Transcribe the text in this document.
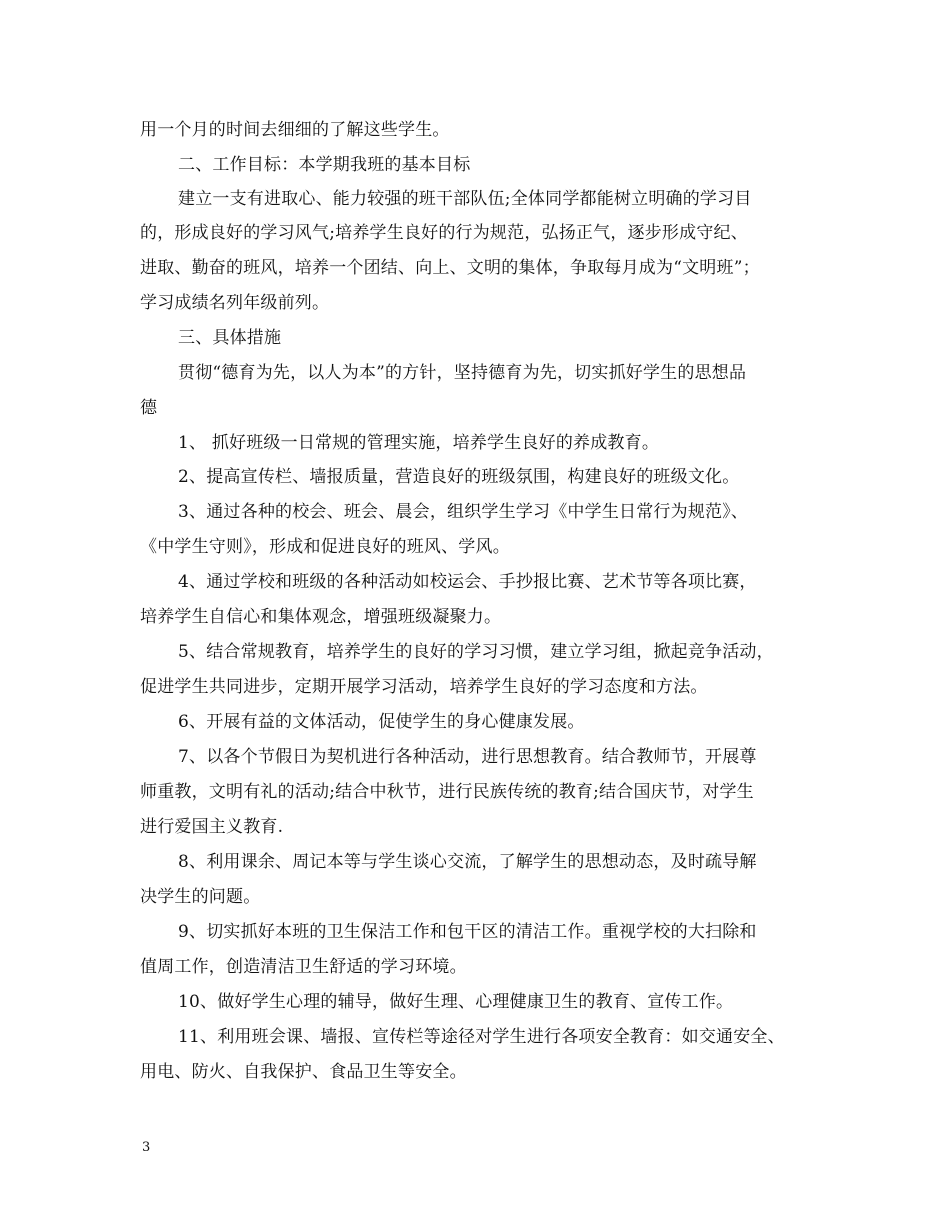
用一个月的时间去细细的了解这些学生。
二、工作目标：本学期我班的基本目标
建立一支有进取心、能力较强的班干部队伍;全体同学都能树立明确的学习目
的，形成良好的学习风气;培养学生良好的行为规范，弘扬正气，逐步形成守纪、
进取、勤奋的班风，培养一个团结、向上、文明的集体，争取每月成为“文明班”；
学习成绩名列年级前列。
三、具体措施
贯彻“德育为先，以人为本”的方针，坚持德育为先，切实抓好学生的思想品
德
1、 抓好班级一日常规的管理实施，培养学生良好的养成教育。
2、提高宣传栏、墙报质量，营造良好的班级氛围，构建良好的班级文化。
3、通过各种的校会、班会、晨会，组织学生学习《中学生日常行为规范》、
《中学生守则》，形成和促进良好的班风、学风。
4、通过学校和班级的各种活动如校运会、手抄报比赛、艺术节等各项比赛，
培养学生自信心和集体观念，增强班级凝聚力。
5、结合常规教育，培养学生的良好的学习习惯，建立学习组，掀起竞争活动，
促进学生共同进步，定期开展学习活动，培养学生良好的学习态度和方法。
6、开展有益的文体活动，促使学生的身心健康发展。
7、以各个节假日为契机进行各种活动，进行思想教育。结合教师节，开展尊
师重教，文明有礼的活动;结合中秋节，进行民族传统的教育;结合国庆节，对学生
进行爱国主义教育.
8、利用课余、周记本等与学生谈心交流，了解学生的思想动态，及时疏导解
决学生的问题。
9、切实抓好本班的卫生保洁工作和包干区的清洁工作。重视学校的大扫除和
值周工作，创造清洁卫生舒适的学习环境。
10、做好学生心理的辅导，做好生理、心理健康卫生的教育、宣传工作。
11、利用班会课、墙报、宣传栏等途径对学生进行各项安全教育：如交通安全、
用电、防火、自我保护、食品卫生等安全。
3
